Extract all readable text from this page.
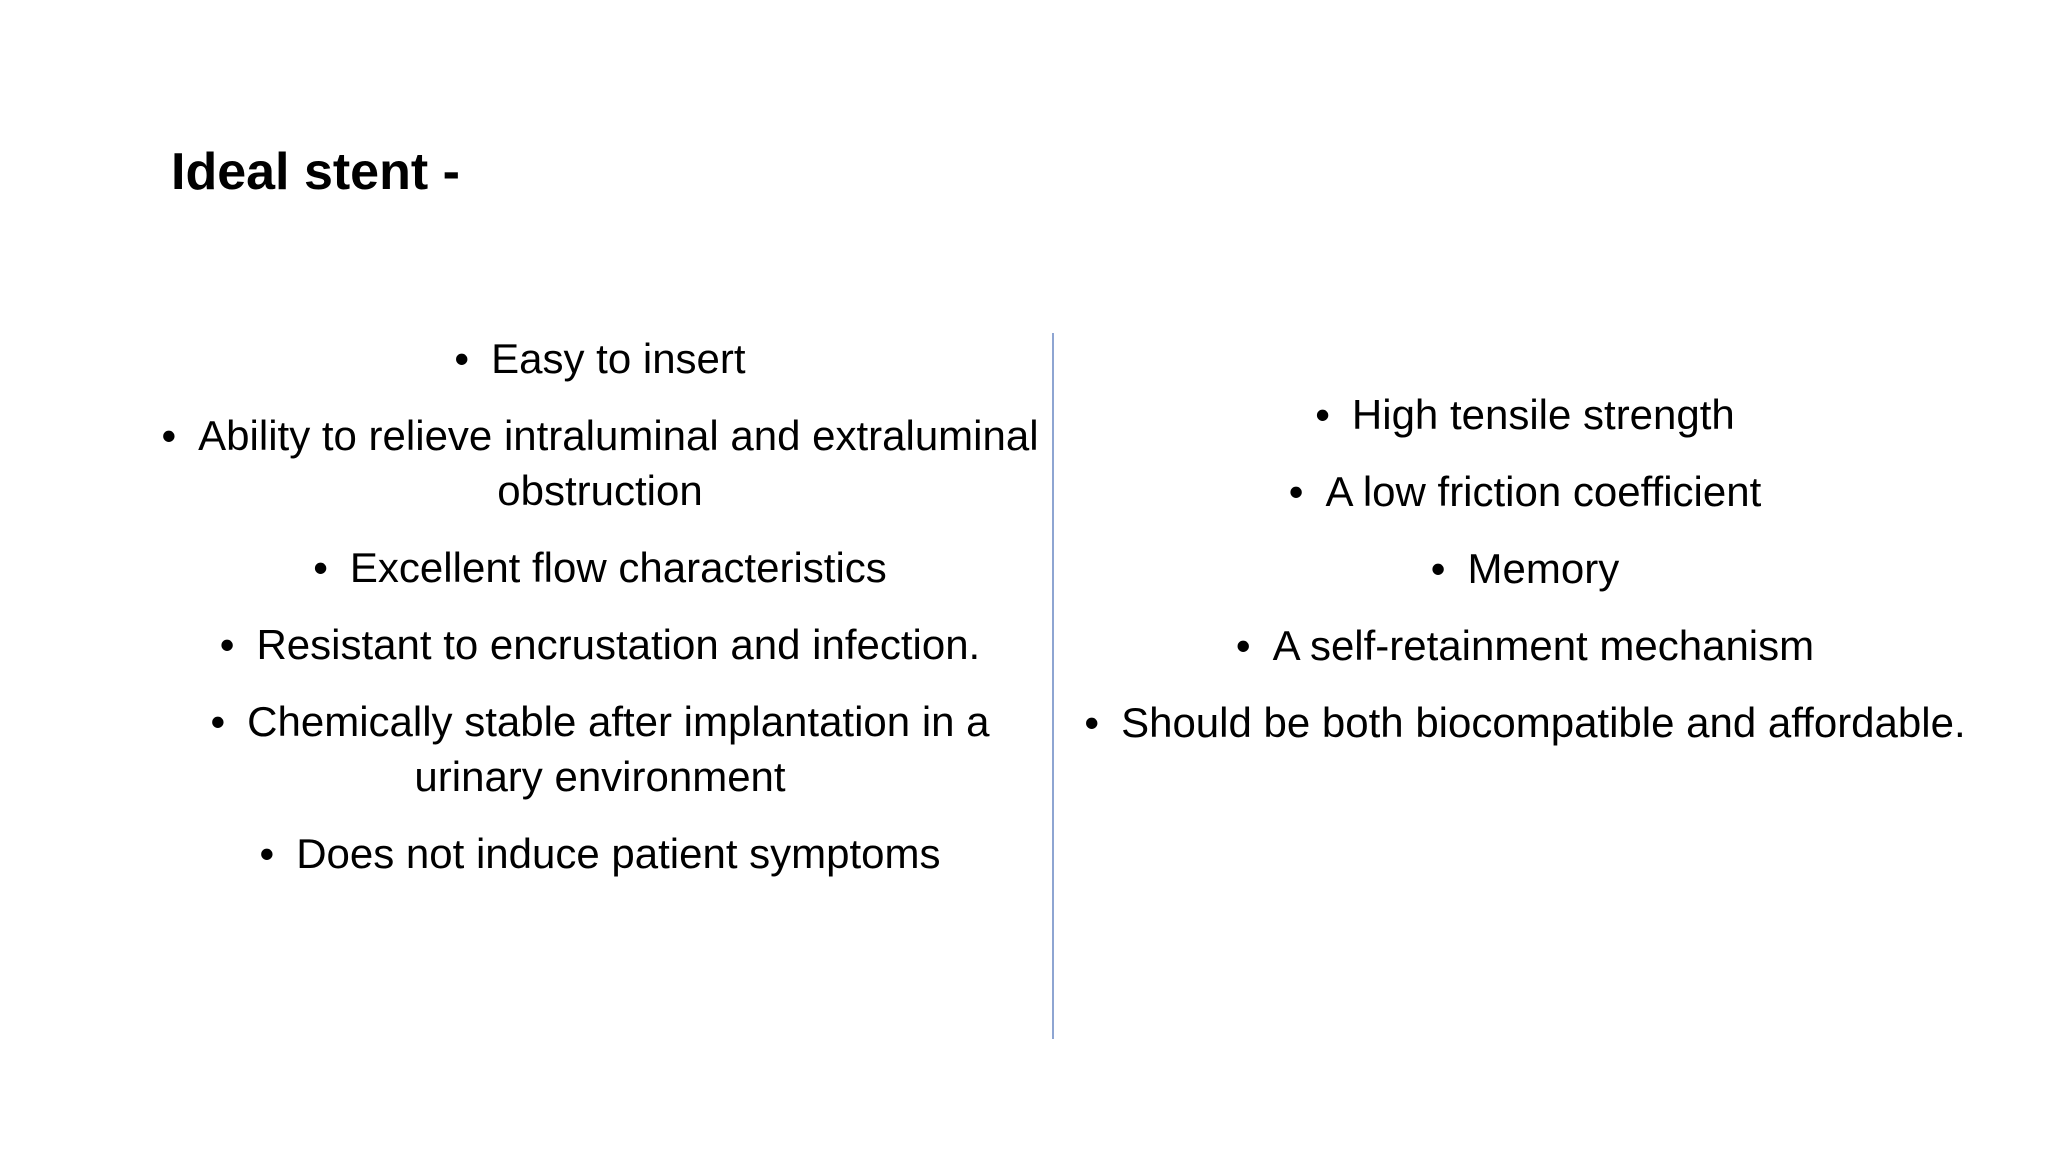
Ideal stent -
• Easy to insert
• Ability to relieve intraluminal and extraluminal obstruction
• Excellent flow characteristics
• Resistant to encrustation and infection.
• Chemically stable after implantation in a urinary environment
• Does not induce patient symptoms
• High tensile strength
• A low friction coefficient
• Memory
• A self-retainment mechanism
• Should be both biocompatible and affordable.
